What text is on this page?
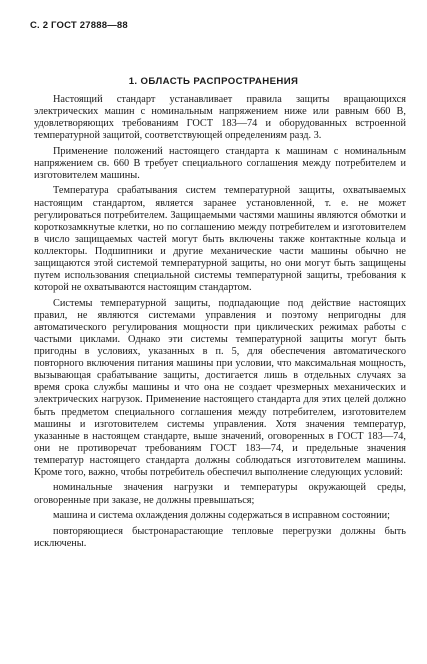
С. 2 ГОСТ 27888—88
1. ОБЛАСТЬ РАСПРОСТРАНЕНИЯ

Настоящий стандарт устанавливает правила защиты вращающихся электрических машин с номинальным напряжением ниже или равным 660 В, удовлетворяющих требованиям ГОСТ 183—74 и оборудованных встроенной температурной защитой, соответствующей определениям разд. 3.

Применение положений настоящего стандарта к машинам с номинальным напряжением св. 660 В требует специального соглашения между потребителем и изготовителем машины.

Температура срабатывания систем температурной защиты, охватываемых настоящим стандартом, является заранее установленной, т. е. не может регулироваться потребителем. Защищаемыми частями машины являются обмотки и короткозамкнутые клетки, но по соглашению между потребителем и изготовителем в число защищаемых частей могут быть включены также контактные кольца и коллекторы. Подшипники и другие механические части машины обычно не защищаются этой системой температурной защиты, но они могут быть защищены путем использования специальной системы температурной защиты, требования к которой не охватываются настоящим стандартом.

Системы температурной защиты, подпадающие под действие настоящих правил, не являются системами управления и поэтому непригодны для автоматического регулирования мощности при циклических режимах работы с частыми циклами. Однако эти системы температурной защиты могут быть пригодны в условиях, указанных в п. 5, для обеспечения автоматического повторного включения питания машины при условии, что максимальная мощность, вызывающая срабатывание защиты, достигается лишь в отдельных случаях за время срока службы машины и что она не создает чрезмерных механических и электрических нагрузок. Применение настоящего стандарта для этих целей должно быть предметом специального соглашения между потребителем, изготовителем машины и изготовителем системы управления. Хотя значения температур, указанные в настоящем стандарте, выше значений, оговоренных в ГОСТ 183—74, они не противоречат требованиям ГОСТ 183—74, и предельные значения температур настоящего стандарта должны соблюдаться изготовителем машины. Кроме того, важно, чтобы потребитель обеспечил выполнение следующих условий:

номинальные значения нагрузки и температуры окружающей среды, оговоренные при заказе, не должны превышаться;

машина и система охлаждения должны содержаться в исправном состоянии;

повторяющиеся быстронарастающие тепловые перегрузки должны быть исключены.
